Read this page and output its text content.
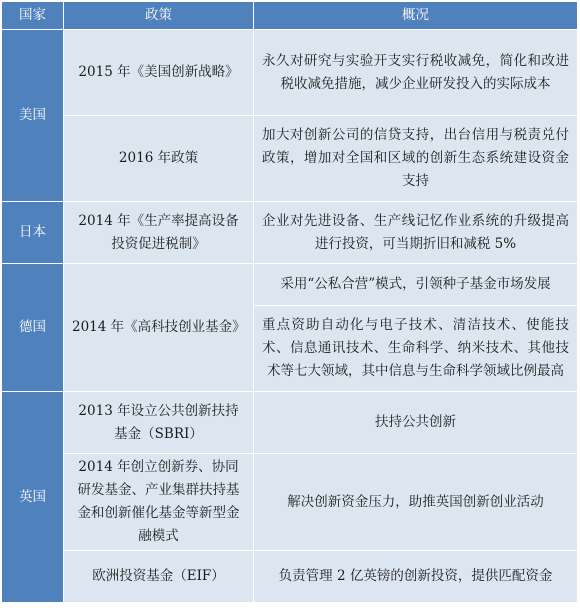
国家	政策	概况
美国	2015 年《美国创新战略》	永久对研究与实验开支实行税收减免，简化和改进税收减免措施，减少企业研发投入的实际成本
	2016 年政策	加大对创新公司的信贷支持，出台信用与税责兑付政策，增加对全国和区域的创新生态系统建设资金支持
日本	2014 年《生产率提高设备投资促进税制》	企业对先进设备、生产线记忆作业系统的升级提高进行投资，可当期折旧和减税 5%
德国	2014 年《高科技创业基金》	采用“公私合营”模式，引领种子基金市场发展
		重点资助自动化与电子技术、清洁技术、使能技术、信息通讯技术、生命科学、纳米技术、其他技术等七大领域，其中信息与生命科学领域比例最高
英国	2013 年设立公共创新扶持基金（SBRI）	扶持公共创新
	2014 年创立创新券、协同研发基金、产业集群扶持基金和创新催化基金等新型金融模式	解决创新资金压力，助推英国创新创业活动
	欧洲投资基金（EIF）	负责管理 2 亿英镑的创新投资，提供匹配资金
